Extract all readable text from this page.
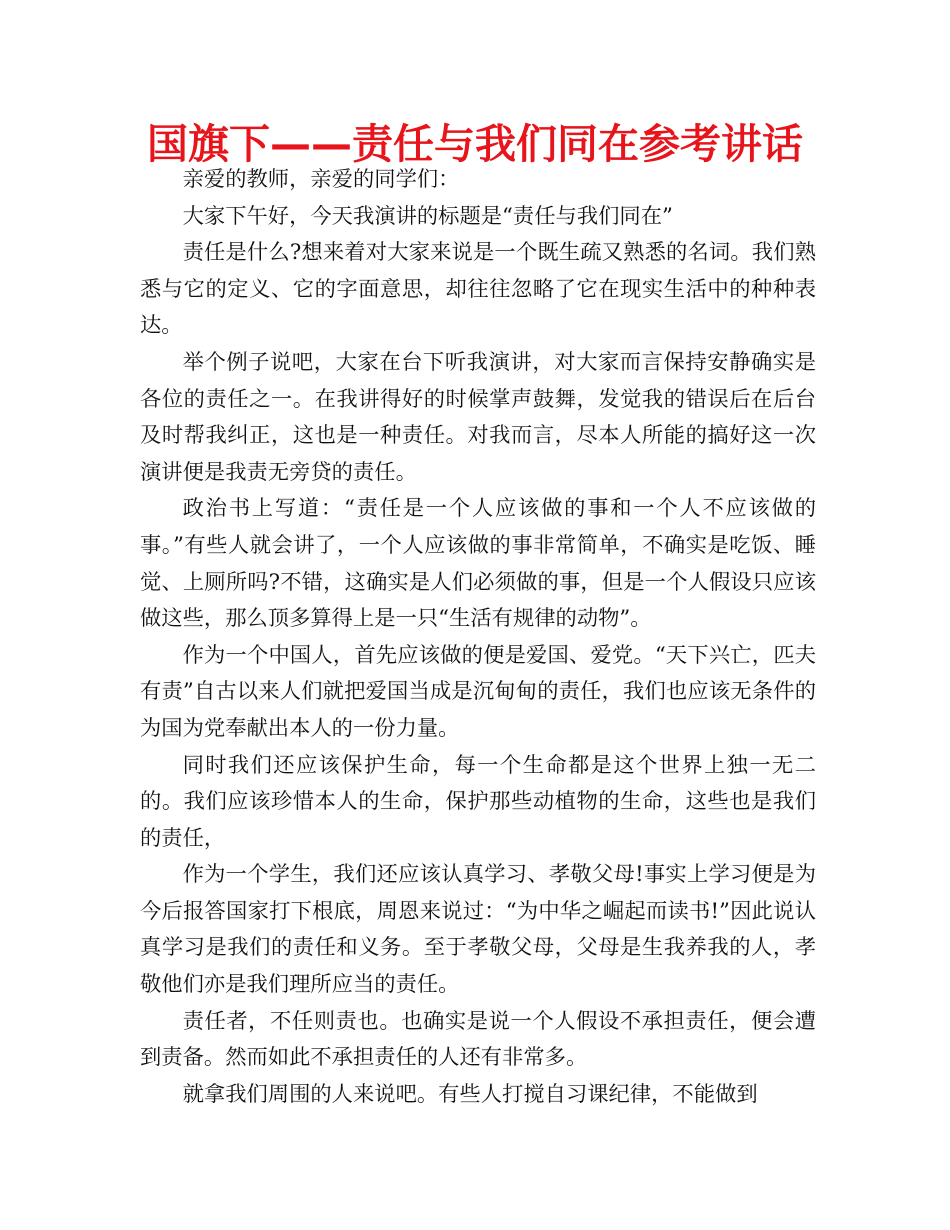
国旗下——责任与我们同在参考讲话

亲爱的教师，亲爱的同学们：

大家下午好，今天我演讲的标题是“责任与我们同在”

责任是什么?想来着对大家来说是一个既生疏又熟悉的名词。我们熟悉与它的定义、它的字面意思，却往往忽略了它在现实生活中的种种表达。

举个例子说吧，大家在台下听我演讲，对大家而言保持安静确实是各位的责任之一。在我讲得好的时候掌声鼓舞，发觉我的错误后在后台及时帮我纠正，这也是一种责任。对我而言，尽本人所能的搞好这一次演讲便是我责无旁贷的责任。

政治书上写道：“责任是一个人应该做的事和一个人不应该做的事。”有些人就会讲了，一个人应该做的事非常简单，不确实是吃饭、睡觉、上厕所吗?不错，这确实是人们必须做的事，但是一个人假设只应该做这些，那么顶多算得上是一只“生活有规律的动物”。

作为一个中国人，首先应该做的便是爱国、爱党。“天下兴亡，匹夫有责”自古以来人们就把爱国当成是沉甸甸的责任，我们也应该无条件的为国为党奉献出本人的一份力量。

同时我们还应该保护生命，每一个生命都是这个世界上独一无二的。我们应该珍惜本人的生命，保护那些动植物的生命，这些也是我们的责任，

作为一个学生，我们还应该认真学习、孝敬父母!事实上学习便是为今后报答国家打下根底，周恩来说过：“为中华之崛起而读书!”因此说认真学习是我们的责任和义务。至于孝敬父母，父母是生我养我的人，孝敬他们亦是我们理所应当的责任。

责任者，不任则责也。也确实是说一个人假设不承担责任，便会遭到责备。然而如此不承担责任的人还有非常多。

就拿我们周围的人来说吧。有些人打搅自习课纪律，不能做到
